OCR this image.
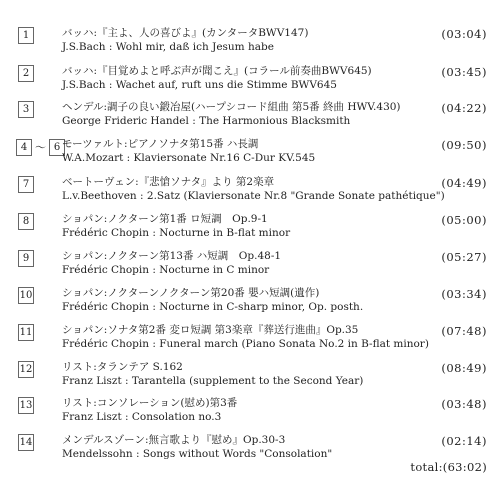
1	バッハ:『主よ、人の喜びよ』(カンタータBWV147)
J.S.Bach : Wohl mir, daß ich Jesum habe
(03:04)
2	バッハ:『目覚めよと呼ぶ声が聞こえ』(コラール前奏曲BWV645)
J.S.Bach : Wachet auf, ruft uns die Stimme BWV645
(03:45)
3	ヘンデル:調子の良い鍛冶屋(ハープシコード組曲 第5番 終曲 HWV.430)
George Frideric Handel : The Harmonious Blacksmith
(04:22)
4 〜 6 モーツァルト:ピアノソナタ第15番 ハ長調
W.A.Mozart : Klaviersonate Nr.16 C-Dur KV.545
(09:50)
7	ベートーヴェン:『悲愴ソナタ』より 第2楽章
L.v.Beethoven : 2.Satz (Klaviersonate Nr.8 "Grande Sonate pathétique")
(04:49)
8	ショパン:ノクターン第1番 ロ短調　Op.9-1
Frédéric Chopin : Nocturne in B-flat minor
(05:00)
9	ショパン:ノクターン第13番 ハ短調　Op.48-1
Frédéric Chopin : Nocturne in C minor
(05:27)
10	ショパン:ノクターンノクターン第20番 嬰ハ短調(遺作)
Frédéric Chopin : Nocturne in C-sharp minor, Op. posth.
(03:34)
11	ショパン:ソナタ第2番 変ロ短調 第3楽章『葬送行進曲』Op.35
Frédéric Chopin : Funeral march (Piano Sonata No.2 in B-flat minor)
(07:48)
12	リスト:タランテア S.162
Franz Liszt : Tarantella (supplement to the Second Year)
(08:49)
13	リスト:コンソレーション(慰め)第3番
Franz Liszt : Consolation no.3
(03:48)
14	メンデルスゾーン:無言歌より『慰め』Op.30-3
Mendelssohn : Songs without Words "Consolation"
(02:14)
total:(63:02)
